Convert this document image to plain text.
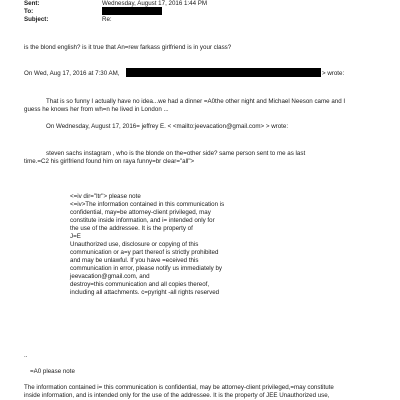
Sent:	Wednesday, August 17, 2016 1:44 PM
To:
Subject:	Re:
is the blond english? is it true that An=rew farkass girlfriend is in your class?
On Wed, Aug 17, 2016 at 7:30 AM,	> wrote:
That is so funny I actually have no idea...we had a dinner =A0the other night and Michael Neeson came and I
guess he knows her from wh=n he lived in London ...
On Wednesday, August 17, 2016= jeffrey E. < <mailto:jeevacation@gmail.com> > wrote:
steven sachs instagram , who is the blonde on the=other side? same person sent to me as last
time.=C2 his girlfriend found him on raya funny=br clear="all">
<=iv dir="ltr"> please note
<=iv>The information contained in this communication is
confidential, may=be attorney-client privileged, may
constitute inside information, and i= intended only for
the use of the addressee. It is the property of
J=E
Unauthorized use, disclosure or copying of this
communication or a=y part thereof is strictly prohibited
and may be unlawful. If you have =eceived this
communication in error, please notify us immediately by
jeevacation@gmail.com, and
destroy=this communication and all copies thereof,
including all attachments. c=pyright -all rights reserved
..
=A0 please note
The information contained i= this communication is confidential, may be attorney-client privileged,=may constitute
inside information, and is intended only for the use of the addressee. It is the property of JEE Unauthorized use,
